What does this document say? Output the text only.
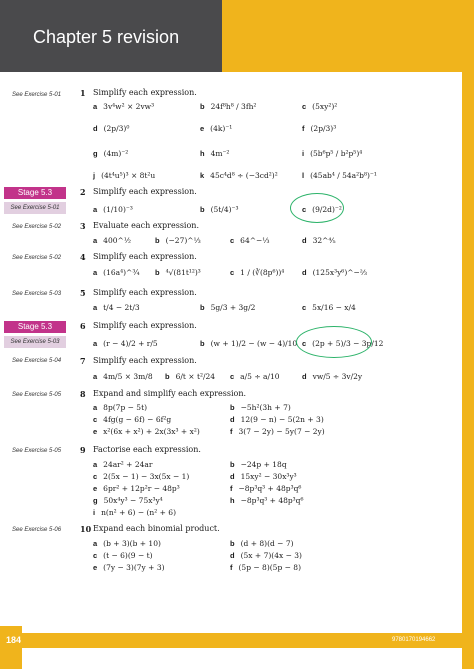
Chapter 5 revision
See Exercise 5-01 1 Simplify each expression.
a 3v⁴w² × 2vw³	b 24f⁸h⁸ / 3fh²	c (5xy²)²
d (2p/3)⁰	e (4k)⁻¹	f (2p/3)³
g (4m)⁻²	h 4m⁻²	i (5b⁶p⁵ / b²p⁵)⁴
j (4t⁴u⁵)³ × 8t²u	k 45c⁴d⁸ ÷ (−3cd²)²	l (45ab⁴ / 54a²b⁸)⁻¹
Stage 5.3
See Exercise 5-01
2 Simplify each expression.
a (1/10)⁻³	b (5t/4)⁻³	c (9/2d)⁻²
See Exercise 5-02 3 Evaluate each expression.
a 400^½	b (−27)^⅓	c 64^−⅓	d 32^⅘
See Exercise 5-02 4 Simplify each expression.
a (16a⁴)^¾ b ⁴√(81t¹²)³	c 1 / (∛(8p⁶))⁴ d (125x³y⁶)^−⅔
See Exercise 5-03 5 Simplify each expression.
a t/4 − 2t/3	b 5g/3 + 3g/2	c 5x/16 − x/4
Stage 5.3
See Exercise 5-03
6 Simplify each expression.
a (r − 4)/2 + r/5	b (w + 1)/2 − (w − 4)/10 c (2p + 5)/3 − 3p/12
See Exercise 5-04 7 Simplify each expression.
a 4m/5 × 3m/8 b 6/t × t²/24 c a/5 ÷ a/10	d vw/5 ÷ 3v/2y
See Exercise 5-05 8 Expand and simplify each expression.
a 8p(7p − 5t)	b −5h²(3h + 7)
c 4fg(g − 6f) − 6f²g	d 12(9 − n) − 5(2n + 3)
e x²(6x + x²) + 2x(3x³ + x²)	f 3(7 − 2y) − 5y(7 − 2y)
See Exercise 5-05 9 Factorise each expression.
a 24ar² + 24ar	b −24p + 18q
c 2(5x − 1) − 3x(5x − 1)	d 15xy² − 30x³y³
e 6pr² + 12p²r − 48p³	f −8p³q³ + 48p³q⁶
g 50x⁴y³ − 75x³y⁴	h −8p³q³ + 48p³q⁶
i n(n² + 6) − (n² + 6)
See Exercise 5-06 10 Expand each binomial product.
a (b + 3)(b + 10)	b (d + 8)(d − 7)
c (t − 6)(9 − t)	d (5x + 7)(4x − 3)
e (7y − 3)(7y + 3)	f (5p − 8)(5p − 8)
184	9780170194662
